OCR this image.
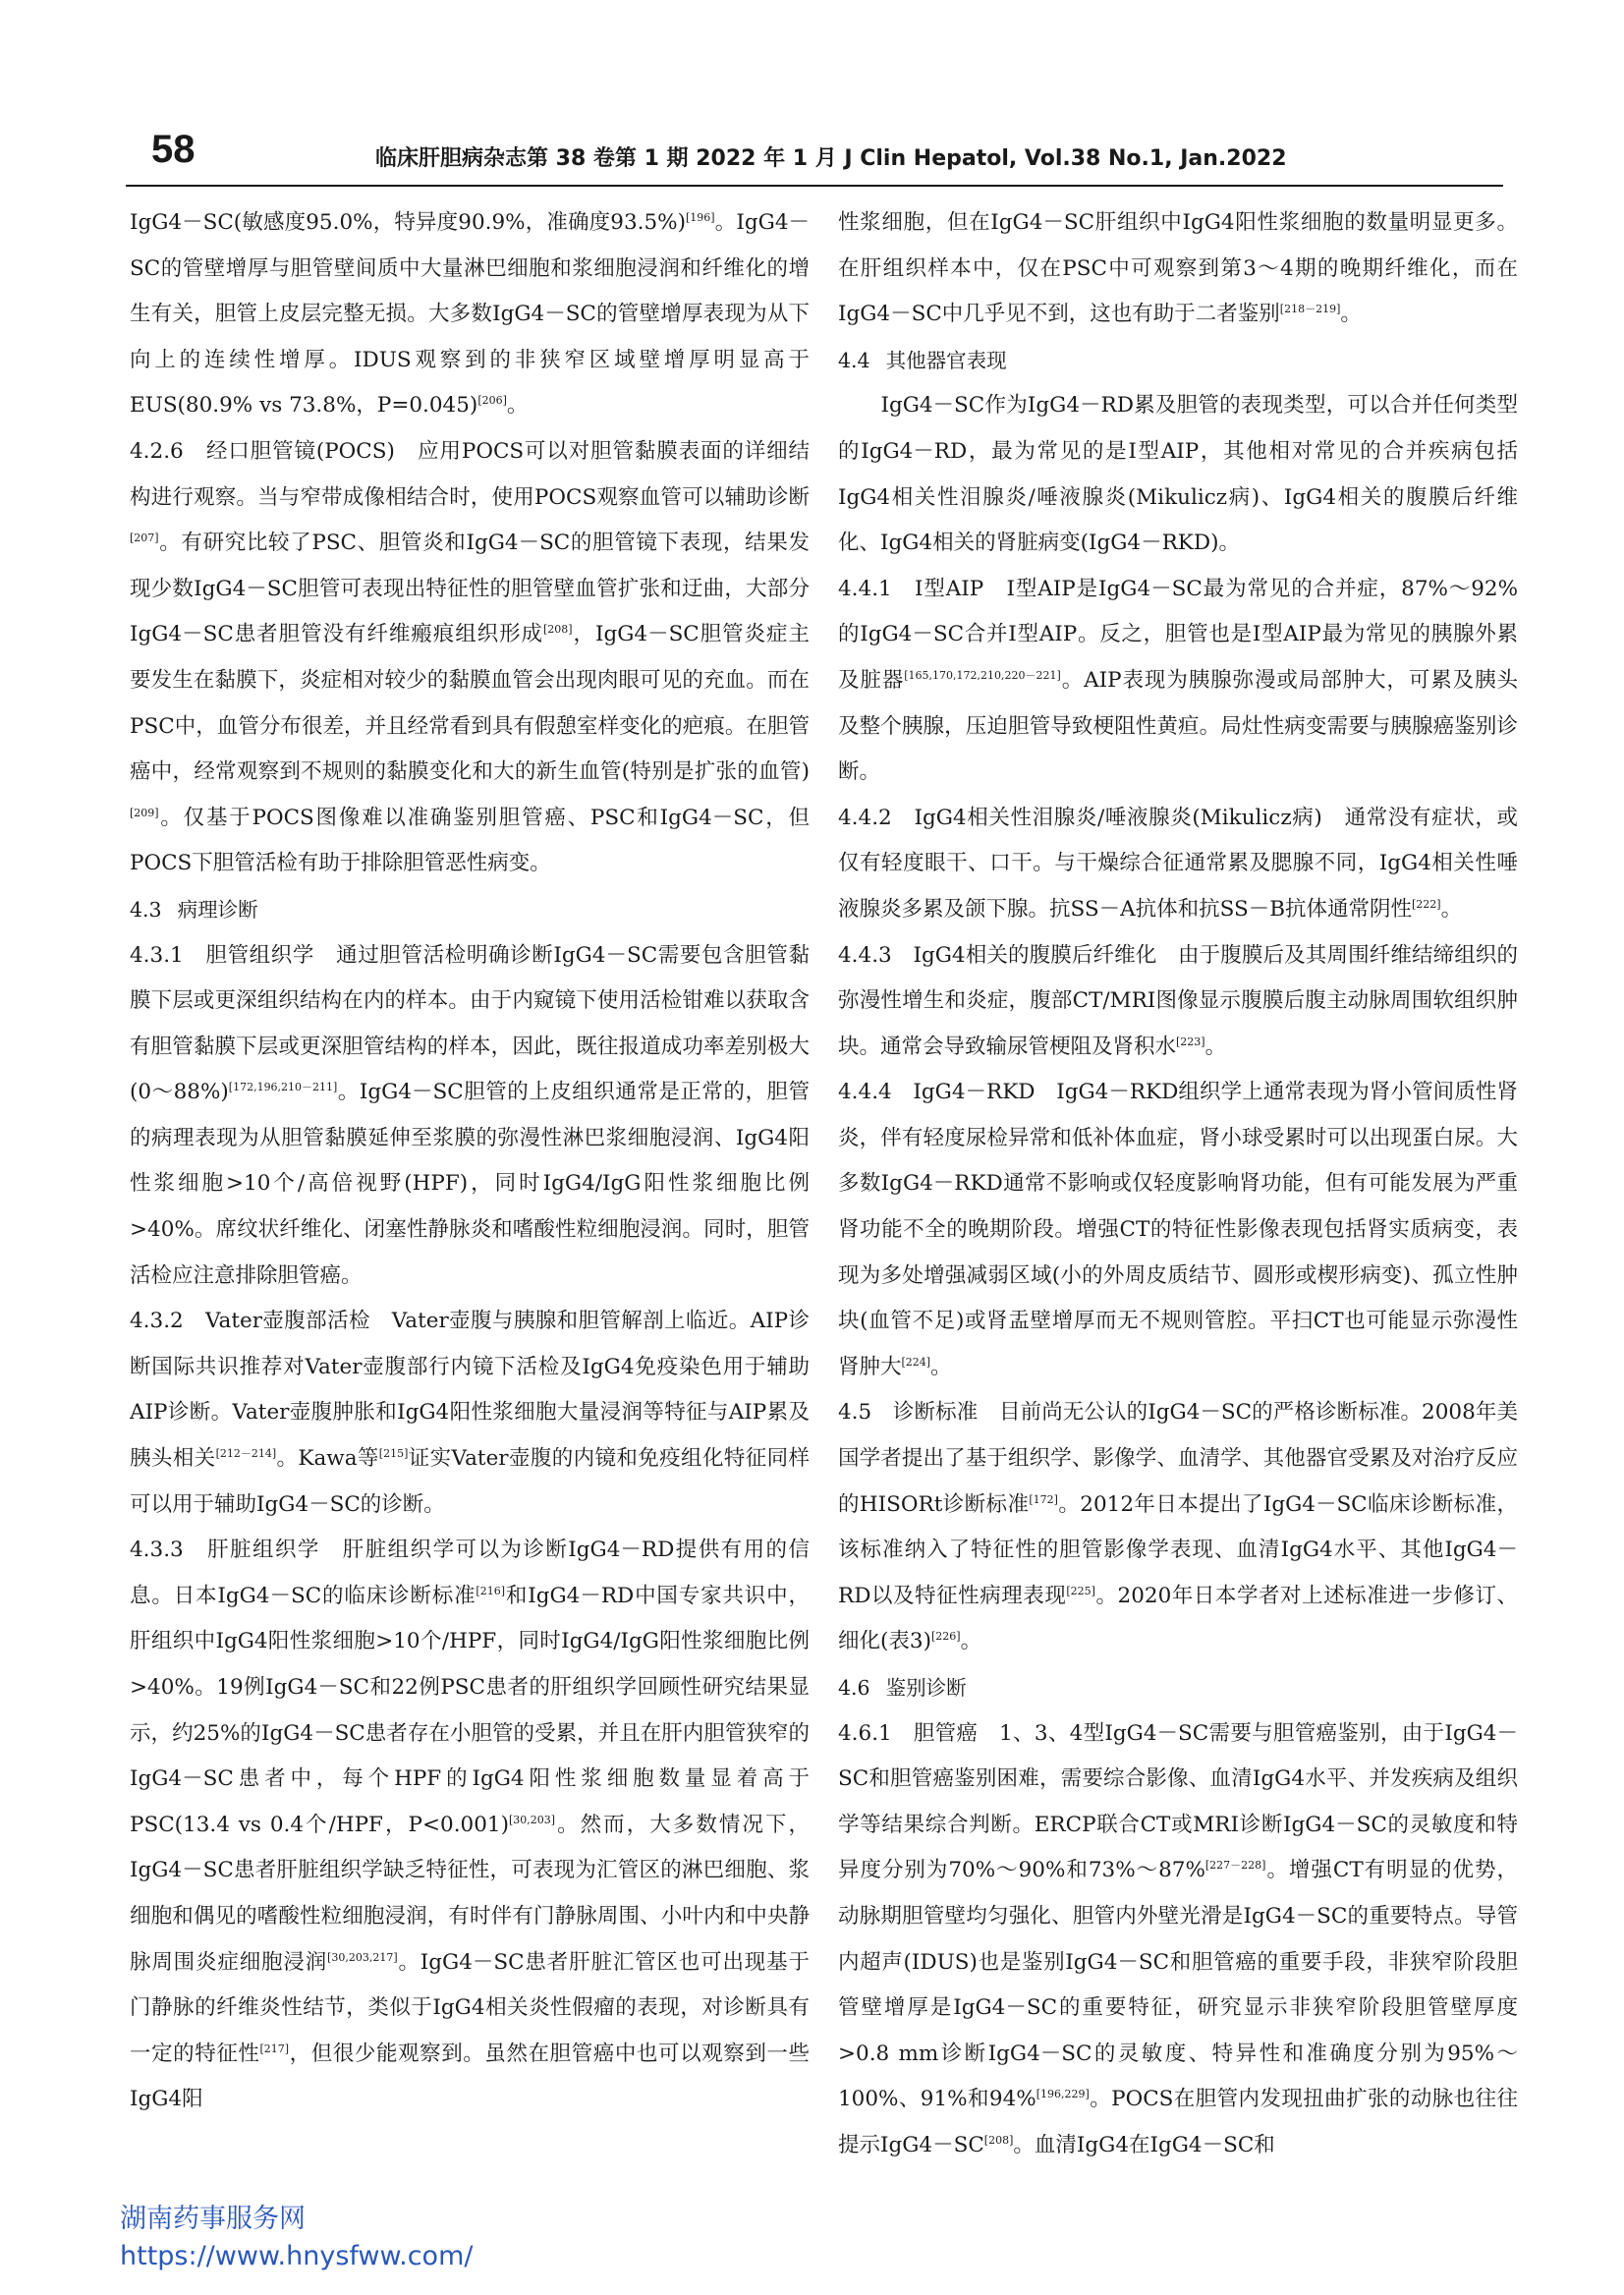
58	临床肝胆病杂志第 38 卷第 1 期 2022 年 1 月 J Clin Hepatol, Vol.38 No.1, Jan.2022

IgG4－SC(敏感度95.0%，特异度90.9%，准确度93.5%)[196]。IgG4－SC的管壁增厚与胆管壁间质中大量淋巴细胞和浆细胞浸润和纤维化的增生有关，胆管上皮层完整无损。大多数IgG4－SC的管壁增厚表现为从下向上的连续性增厚。IDUS观察到的非狭窄区域壁增厚明显高于EUS(80.9% vs 73.8%，P=0.045)[206]。

4.2.6　经口胆管镜(POCS)　应用POCS可以对胆管黏膜表面的详细结构进行观察。当与窄带成像相结合时，使用POCS观察血管可以辅助诊断[207]。有研究比较了PSC、胆管炎和IgG4－SC的胆管镜下表现，结果发现少数IgG4－SC胆管可表现出特征性的胆管壁血管扩张和迂曲，大部分IgG4－SC患者胆管没有纤维瘢痕组织形成[208]，IgG4－SC胆管炎症主要发生在黏膜下，炎症相对较少的黏膜血管会出现肉眼可见的充血。而在PSC中，血管分布很差，并且经常看到具有假憩室样变化的疤痕。在胆管癌中，经常观察到不规则的黏膜变化和大的新生血管(特别是扩张的血管)[209]。仅基于POCS图像难以准确鉴别胆管癌、PSC和IgG4－SC，但POCS下胆管活检有助于排除胆管恶性病变。

4.3 病理诊断

4.3.1　胆管组织学　通过胆管活检明确诊断IgG4－SC需要包含胆管黏膜下层或更深组织结构在内的样本。由于内窥镜下使用活检钳难以获取含有胆管黏膜下层或更深胆管结构的样本，因此，既往报道成功率差别极大(0～88%)[172,196,210－211]。IgG4－SC胆管的上皮组织通常是正常的，胆管的病理表现为从胆管黏膜延伸至浆膜的弥漫性淋巴浆细胞浸润、IgG4阳性浆细胞>10个/高倍视野(HPF)，同时IgG4/IgG阳性浆细胞比例>40%。席纹状纤维化、闭塞性静脉炎和嗜酸性粒细胞浸润。同时，胆管活检应注意排除胆管癌。

4.3.2　Vater壶腹部活检　Vater壶腹与胰腺和胆管解剖上临近。AIP诊断国际共识推荐对Vater壶腹部行内镜下活检及IgG4免疫染色用于辅助AIP诊断。Vater壶腹肿胀和IgG4阳性浆细胞大量浸润等特征与AIP累及胰头相关[212－214]。Kawa等[215]证实Vater壶腹的内镜和免疫组化特征同样可以用于辅助IgG4－SC的诊断。

4.3.3　肝脏组织学　肝脏组织学可以为诊断IgG4－RD提供有用的信息。日本IgG4－SC的临床诊断标准[216]和IgG4－RD中国专家共识中，肝组织中IgG4阳性浆细胞>10个/HPF，同时IgG4/IgG阳性浆细胞比例>40%。19例IgG4－SC和22例PSC患者的肝组织学回顾性研究结果显示，约25%的IgG4－SC患者存在小胆管的受累，并且在肝内胆管狭窄的IgG4－SC患者中，每个HPF的IgG4阳性浆细胞数量显着高于PSC(13.4 vs 0.4个/HPF，P<0.001)[30,203]。然而，大多数情况下，IgG4－SC患者肝脏组织学缺乏特征性，可表现为汇管区的淋巴细胞、浆细胞和偶见的嗜酸性粒细胞浸润，有时伴有门静脉周围、小叶内和中央静脉周围炎症细胞浸润[30,203,217]。IgG4－SC患者肝脏汇管区也可出现基于门静脉的纤维炎性结节，类似于IgG4相关炎性假瘤的表现，对诊断具有一定的特征性[217]，但很少能观察到。虽然在胆管癌中也可以观察到一些IgG4阳

性浆细胞，但在IgG4－SC肝组织中IgG4阳性浆细胞的数量明显更多。在肝组织样本中，仅在PSC中可观察到第3～4期的晚期纤维化，而在IgG4－SC中几乎见不到，这也有助于二者鉴别[218－219]。

4.4 其他器官表现

　　IgG4－SC作为IgG4－RD累及胆管的表现类型，可以合并任何类型的IgG4－RD，最为常见的是Ⅰ型AIP，其他相对常见的合并疾病包括IgG4相关性泪腺炎/唾液腺炎(Mikulicz病)、IgG4相关的腹膜后纤维化、IgG4相关的肾脏病变(IgG4－RKD)。

4.4.1　Ⅰ型AIP　Ⅰ型AIP是IgG4－SC最为常见的合并症，87%～92%的IgG4－SC合并Ⅰ型AIP。反之，胆管也是Ⅰ型AIP最为常见的胰腺外累及脏器[165,170,172,210,220－221]。AIP表现为胰腺弥漫或局部肿大，可累及胰头及整个胰腺，压迫胆管导致梗阻性黄疸。局灶性病变需要与胰腺癌鉴别诊断。

4.4.2　IgG4相关性泪腺炎/唾液腺炎(Mikulicz病)　通常没有症状，或仅有轻度眼干、口干。与干燥综合征通常累及腮腺不同，IgG4相关性唾液腺炎多累及颌下腺。抗SS－A抗体和抗SS－B抗体通常阴性[222]。

4.4.3　IgG4相关的腹膜后纤维化　由于腹膜后及其周围纤维结缔组织的弥漫性增生和炎症，腹部CT/MRI图像显示腹膜后腹主动脉周围软组织肿块。通常会导致输尿管梗阻及肾积水[223]。

4.4.4　IgG4－RKD　IgG4－RKD组织学上通常表现为肾小管间质性肾炎，伴有轻度尿检异常和低补体血症，肾小球受累时可以出现蛋白尿。大多数IgG4－RKD通常不影响或仅轻度影响肾功能，但有可能发展为严重肾功能不全的晚期阶段。增强CT的特征性影像表现包括肾实质病变，表现为多处增强减弱区域(小的外周皮质结节、圆形或楔形病变)、孤立性肿块(血管不足)或肾盂壁增厚而无不规则管腔。平扫CT也可能显示弥漫性肾肿大[224]。

4.5　诊断标准　目前尚无公认的IgG4－SC的严格诊断标准。2008年美国学者提出了基于组织学、影像学、血清学、其他器官受累及对治疗反应的HISORt诊断标准[172]。2012年日本提出了IgG4－SC临床诊断标准，该标准纳入了特征性的胆管影像学表现、血清IgG4水平、其他IgG4－RD以及特征性病理表现[225]。2020年日本学者对上述标准进一步修订、细化(表3)[226]。

4.6 鉴别诊断

4.6.1　胆管癌　1、3、4型IgG4－SC需要与胆管癌鉴别，由于IgG4－SC和胆管癌鉴别困难，需要综合影像、血清IgG4水平、并发疾病及组织学等结果综合判断。ERCP联合CT或MRI诊断IgG4－SC的灵敏度和特异度分别为70%～90%和73%～87%[227－228]。增强CT有明显的优势，动脉期胆管壁均匀强化、胆管内外壁光滑是IgG4－SC的重要特点。导管内超声(IDUS)也是鉴别IgG4－SC和胆管癌的重要手段，非狭窄阶段胆管壁增厚是IgG4－SC的重要特征，研究显示非狭窄阶段胆管壁厚度>0.8 mm诊断IgG4－SC的灵敏度、特异性和准确度分别为95%～100%、91%和94%[196,229]。POCS在胆管内发现扭曲扩张的动脉也往往提示IgG4－SC[208]。血清IgG4在IgG4－SC和

湖南药事服务网
https://www.hnysfww.com/
